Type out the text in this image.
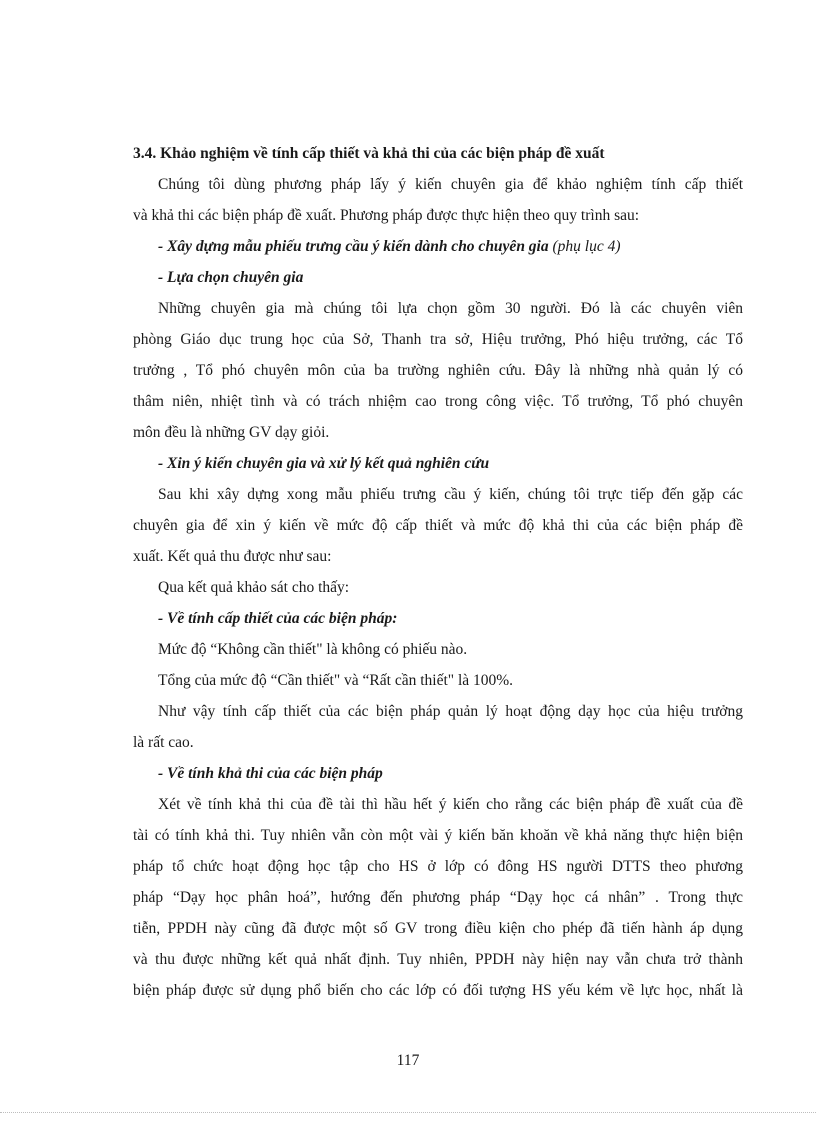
3.4. Khảo nghiệm về tính cấp thiết và khả thi của các biện pháp đề xuất
Chúng tôi dùng phương pháp lấy ý kiến chuyên gia để khảo nghiệm tính cấp thiết
và khả thi các biện pháp đề xuất. Phương pháp được thực hiện theo quy trình sau:
- Xây dựng mẫu phiếu trưng cầu ý kiến dành cho chuyên gia (phụ lục 4)
- Lựa chọn chuyên gia
Những chuyên gia mà chúng tôi lựa chọn gồm 30 người. Đó là các chuyên viên
phòng Giáo dục trung học của Sở, Thanh tra sở, Hiệu trưởng, Phó hiệu trưởng, các Tổ
trưởng , Tổ phó chuyên môn của ba trường nghiên cứu. Đây là những nhà quản lý có
thâm niên, nhiệt tình và có trách nhiệm cao trong công việc. Tổ trưởng, Tổ phó chuyên
môn đều là những GV dạy giỏi.
- Xin ý kiến chuyên gia và xử lý kết quả nghiên cứu
Sau khi xây dựng xong mẫu phiếu trưng cầu ý kiến, chúng tôi trực tiếp đến gặp các
chuyên gia để xin ý kiến về mức độ cấp thiết và mức độ khả thi của các biện pháp đề
xuất. Kết quả thu được như sau:
Qua kết quả khảo sát cho thấy:
- Về tính cấp thiết của các biện pháp:
Mức độ “Không cần thiết" là không có phiếu nào.
Tổng của mức độ “Cần thiết" và “Rất cần thiết" là 100%.
Như vậy tính cấp thiết của các biện pháp quản lý hoạt động dạy học của hiệu trưởng
là rất cao.
- Về tính khả thi của các biện pháp
Xét về tính khả thi của đề tài thì hầu hết ý kiến cho rằng các biện pháp đề xuất của đề
tài có tính khả thi. Tuy nhiên vẫn còn một vài ý kiến băn khoăn về khả năng thực hiện biện
pháp tổ chức hoạt động học tập cho HS ở lớp có đông HS người DTTS theo phương
pháp “Dạy học phân hoá”, hướng đến phương pháp “Dạy học cá nhân” . Trong thực
tiễn, PPDH này cũng đã được một số GV trong điều kiện cho phép đã tiến hành áp dụng
và thu được những kết quả nhất định. Tuy nhiên, PPDH này hiện nay vẫn chưa trở thành
biện pháp được sử dụng phổ biến cho các lớp có đối tượng HS yếu kém về lực học, nhất là
117
